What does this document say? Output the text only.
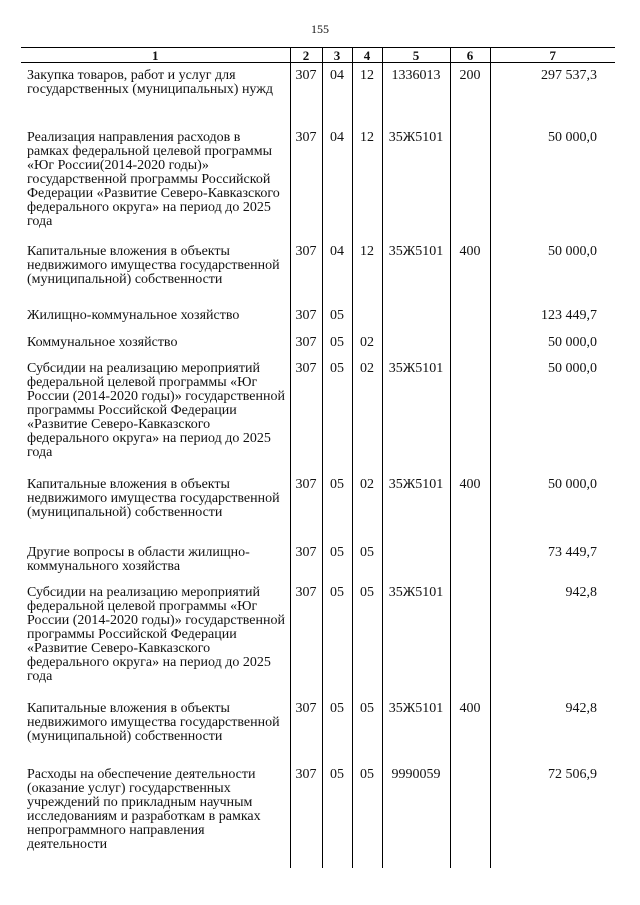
155
1	2	3	4	5	6	7
Закупка товаров, работ и услуг для государственных (муниципальных) нужд	307	04	12	1336013	200	297 537,3
Реализация направления расходов в рамках федеральной целевой программы «Юг России(2014-2020 годы)» государственной программы Российской Федерации «Развитие Северо-Кавказского федерального округа» на период до 2025 года	307	04	12	35Ж5101		50 000,0
Капитальные вложения в объекты недвижимого имущества государственной (муниципальной) собственности	307	04	12	35Ж5101	400	50 000,0
Жилищно-коммунальное хозяйство	307	05				123 449,7
Коммунальное хозяйство	307	05	02			50 000,0
Субсидии на реализацию мероприятий федеральной целевой программы «Юг России (2014-2020 годы)» государственной программы Российской Федерации «Развитие Северо-Кавказского федерального округа» на период до 2025 года	307	05	02	35Ж5101		50 000,0
Капитальные вложения в объекты недвижимого имущества государственной (муниципальной) собственности	307	05	02	35Ж5101	400	50 000,0
Другие вопросы в области жилищно-коммунального хозяйства	307	05	05			73 449,7
Субсидии на реализацию мероприятий федеральной целевой программы «Юг России (2014-2020 годы)» государственной программы Российской Федерации «Развитие Северо-Кавказского федерального округа» на период до 2025 года	307	05	05	35Ж5101		942,8
Капитальные вложения в объекты недвижимого имущества государственной (муниципальной) собственности	307	05	05	35Ж5101	400	942,8
Расходы на обеспечение деятельности (оказание услуг) государственных учреждений по прикладным научным исследованиям и разработкам в рамках непрограммного направления деятельности	307	05	05	9990059		72 506,9
